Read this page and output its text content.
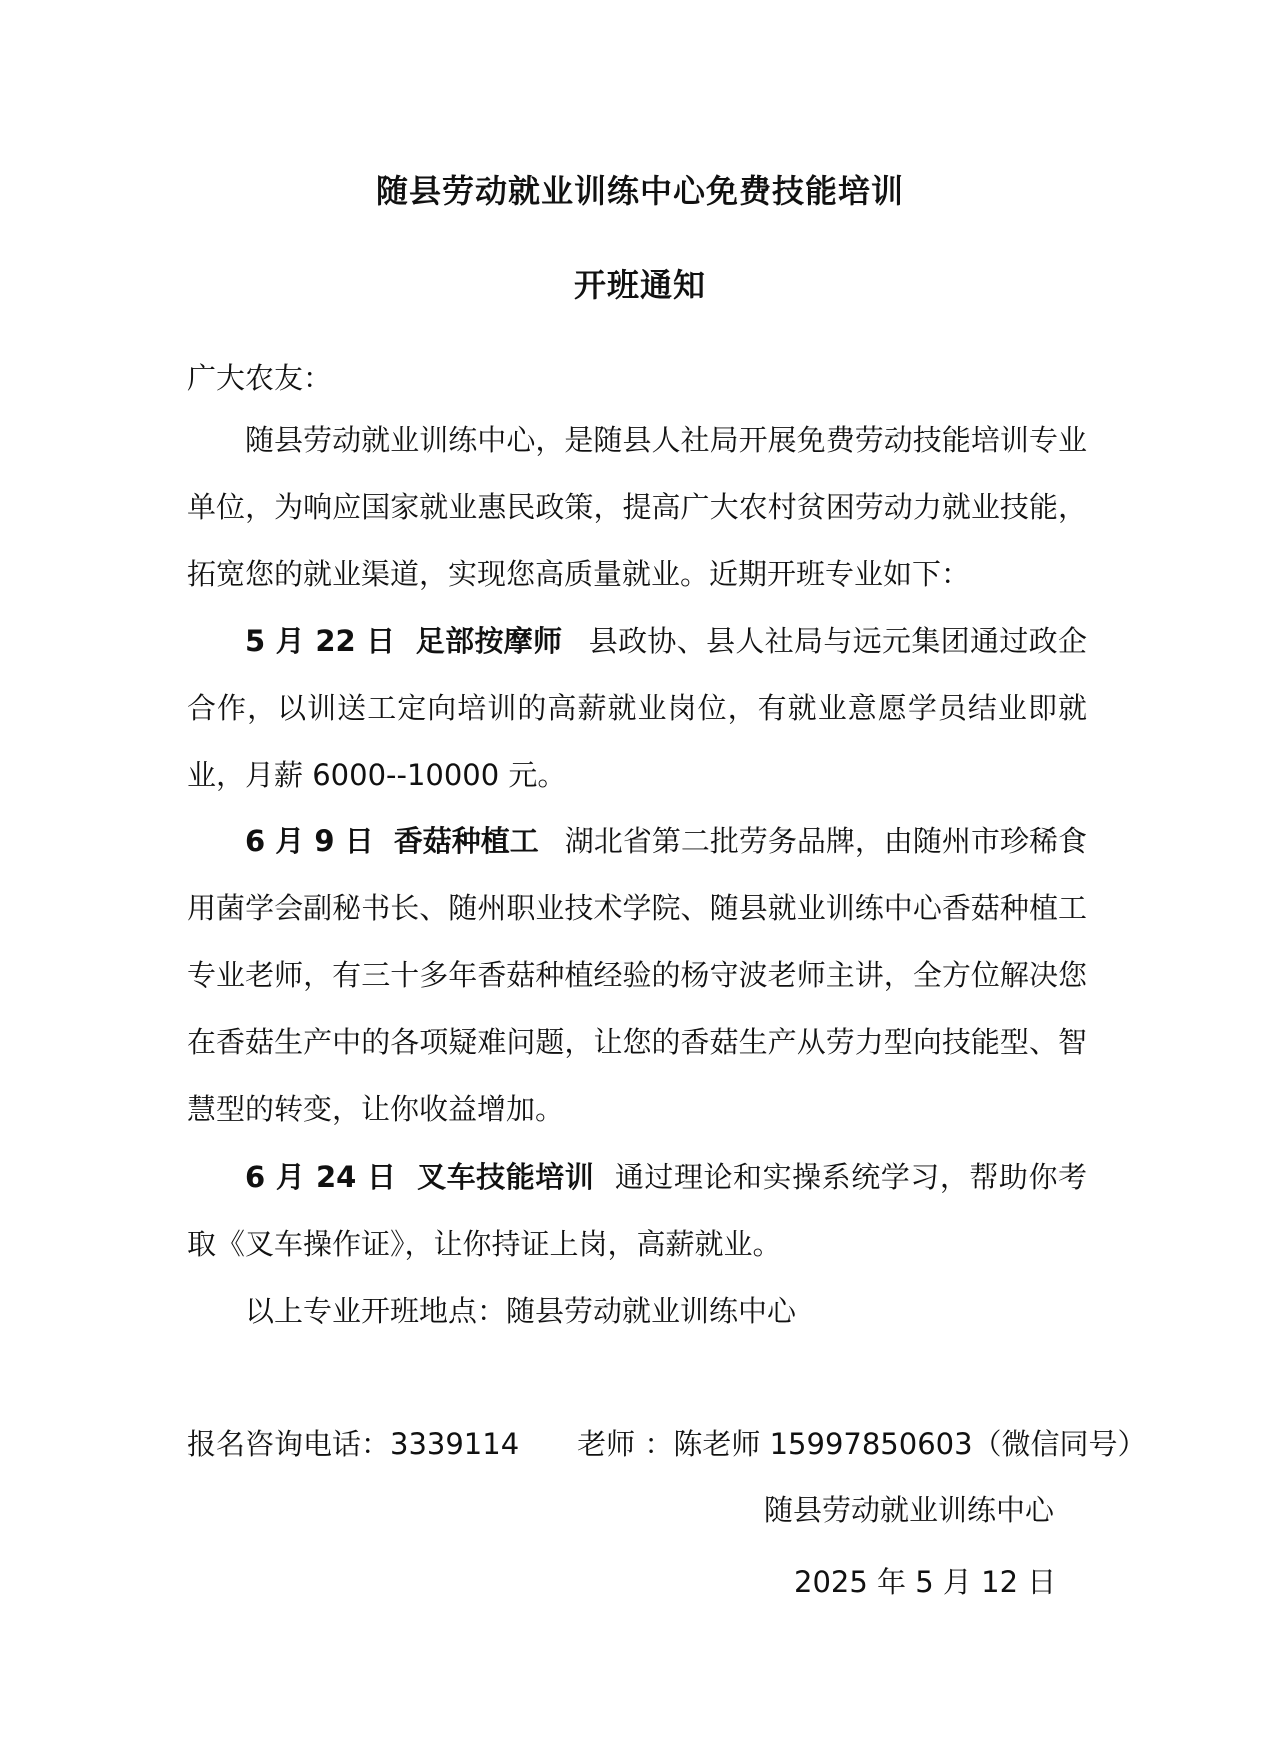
随县劳动就业训练中心免费技能培训
开班通知

广大农友：

随县劳动就业训练中心，是随县人社局开展免费劳动技能培训专业单位，为响应国家就业惠民政策，提高广大农村贫困劳动力就业技能，拓宽您的就业渠道，实现您高质量就业。近期开班专业如下：

5 月 22 日 足部按摩师 县政协、县人社局与远元集团通过政企合作，以训送工定向培训的高薪就业岗位，有就业意愿学员结业即就业，月薪 6000--10000 元。

6 月 9 日 香菇种植工 湖北省第二批劳务品牌，由随州市珍稀食用菌学会副秘书长、随州职业技术学院、随县就业训练中心香菇种植工专业老师，有三十多年香菇种植经验的杨守波老师主讲，全方位解决您在香菇生产中的各项疑难问题，让您的香菇生产从劳力型向技能型、智慧型的转变，让你收益增加。

6 月 24 日 叉车技能培训 通过理论和实操系统学习，帮助你考取《叉车操作证》，让你持证上岗，高薪就业。

以上专业开班地点：随县劳动就业训练中心

报名咨询电话：3339114 老师 ：陈老师 15997850603（微信同号）

随县劳动就业训练中心

2025 年 5 月 12 日
